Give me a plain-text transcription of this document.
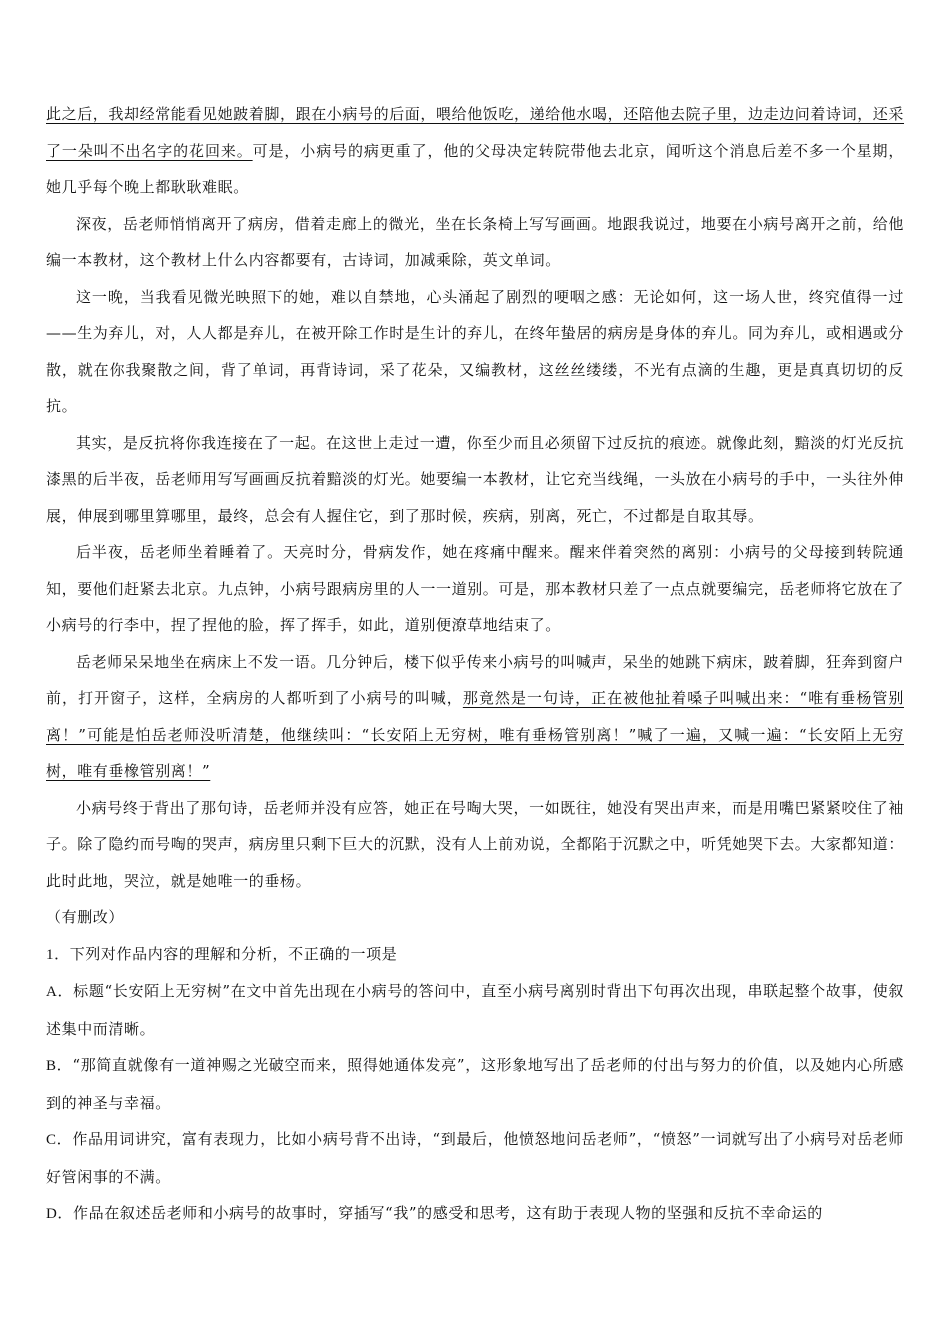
此之后，我却经常能看见她跛着脚，跟在小病号的后面，喂给他饭吃，递给他水喝，还陪他去院子里，边走边问着诗词，还采了一朵叫不出名字的花回来。可是，小病号的病更重了，他的父母决定转院带他去北京，闻听这个消息后差不多一个星期，她几乎每个晚上都耿耿难眠。

深夜，岳老师悄悄离开了病房，借着走廊上的微光，坐在长条椅上写写画画。地跟我说过，地要在小病号离开之前，给他编一本教材，这个教材上什么内容都要有，古诗词，加减乘除，英文单词。

这一晚，当我看见微光映照下的她，难以自禁地，心头涌起了剧烈的哽咽之感：无论如何，这一场人世，终究值得一过——生为弃儿，对，人人都是弃儿，在被开除工作时是生计的弃儿，在终年蛰居的病房是身体的弃儿。同为弃儿，或相遇或分散，就在你我聚散之间，背了单词，再背诗词，采了花朵，又编教材，这丝丝缕缕，不光有点滴的生趣，更是真真切切的反抗。

其实，是反抗将你我连接在了一起。在这世上走过一遭，你至少而且必须留下过反抗的痕迹。就像此刻，黯淡的灯光反抗漆黑的后半夜，岳老师用写写画画反抗着黯淡的灯光。她要编一本教材，让它充当线绳，一头放在小病号的手中，一头往外伸展，伸展到哪里算哪里，最终，总会有人握住它，到了那时候，疾病，别离，死亡，不过都是自取其辱。

后半夜，岳老师坐着睡着了。天亮时分，骨病发作，她在疼痛中醒来。醒来伴着突然的离别：小病号的父母接到转院通知，要他们赶紧去北京。九点钟，小病号跟病房里的人一一道别。可是，那本教材只差了一点点就要编完，岳老师将它放在了小病号的行李中，捏了捏他的脸，挥了挥手，如此，道别便潦草地结束了。

岳老师呆呆地坐在病床上不发一语。几分钟后，楼下似乎传来小病号的叫喊声，呆坐的她跳下病床，跛着脚，狂奔到窗户前，打开窗子，这样，全病房的人都听到了小病号的叫喊，那竟然是一句诗，正在被他扯着嗓子叫喊出来：“唯有垂杨管别离！”可能是怕岳老师没听清楚，他继续叫：“长安陌上无穷树，唯有垂杨管别离！”喊了一遍，又喊一遍：“长安陌上无穷树，唯有垂橡管别离！”

小病号终于背出了那句诗，岳老师并没有应答，她正在号啕大哭，一如既往，她没有哭出声来，而是用嘴巴紧紧咬住了袖子。除了隐约而号啕的哭声，病房里只剩下巨大的沉默，没有人上前劝说，全都陷于沉默之中，听凭她哭下去。大家都知道：此时此地，哭泣，就是她唯一的垂杨。

（有删改）

1．下列对作品内容的理解和分析，不正确的一项是

A．标题“长安陌上无穷树”在文中首先出现在小病号的答问中，直至小病号离别时背出下句再次出现，串联起整个故事，使叙述集中而清晰。

B．“那简直就像有一道神赐之光破空而来，照得她通体发亮”，这形象地写出了岳老师的付出与努力的价值，以及她内心所感到的神圣与幸福。

C．作品用词讲究，富有表现力，比如小病号背不出诗，“到最后，他愤怒地问岳老师”，“愤怒”一词就写出了小病号对岳老师好管闲事的不满。

D．作品在叙述岳老师和小病号的故事时，穿插写“我”的感受和思考，这有助于表现人物的坚强和反抗不幸命运的
